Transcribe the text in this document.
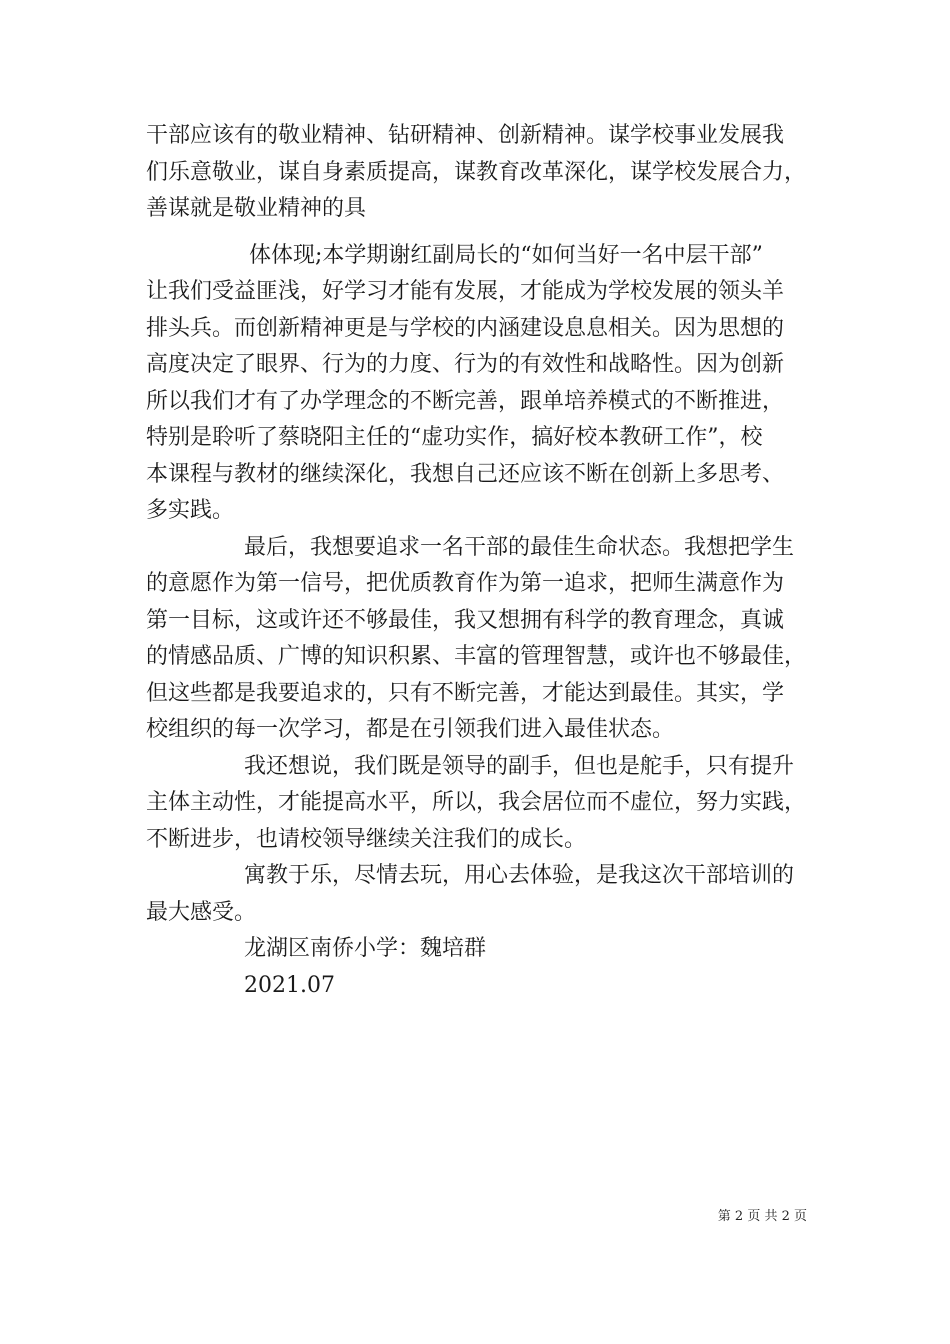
干部应该有的敬业精神、钻研精神、创新精神。谋学校事业发展我
们乐意敬业，谋自身素质提高，谋教育改革深化，谋学校发展合力，
善谋就是敬业精神的具
体体现;本学期谢红副局长的“如何当好一名中层干部”
让我们受益匪浅，好学习才能有发展，才能成为学校发展的领头羊
排头兵。而创新精神更是与学校的内涵建设息息相关。因为思想的
高度决定了眼界、行为的力度、行为的有效性和战略性。因为创新
所以我们才有了办学理念的不断完善，跟单培养模式的不断推进，
特别是聆听了蔡晓阳主任的“虚功实作，搞好校本教研工作”，校
本课程与教材的继续深化，我想自己还应该不断在创新上多思考、
多实践。
最后，我想要追求一名干部的最佳生命状态。我想把学生
的意愿作为第一信号，把优质教育作为第一追求，把师生满意作为
第一目标，这或许还不够最佳，我又想拥有科学的教育理念，真诚
的情感品质、广博的知识积累、丰富的管理智慧，或许也不够最佳，
但这些都是我要追求的，只有不断完善，才能达到最佳。其实，学
校组织的每一次学习，都是在引领我们进入最佳状态。
我还想说，我们既是领导的副手，但也是舵手，只有提升
主体主动性，才能提高水平，所以，我会居位而不虚位，努力实践，
不断进步，也请校领导继续关注我们的成长。
寓教于乐，尽情去玩，用心去体验，是我这次干部培训的
最大感受。
龙湖区南侨小学：魏培群
2021.07
第 2 页 共 2 页
